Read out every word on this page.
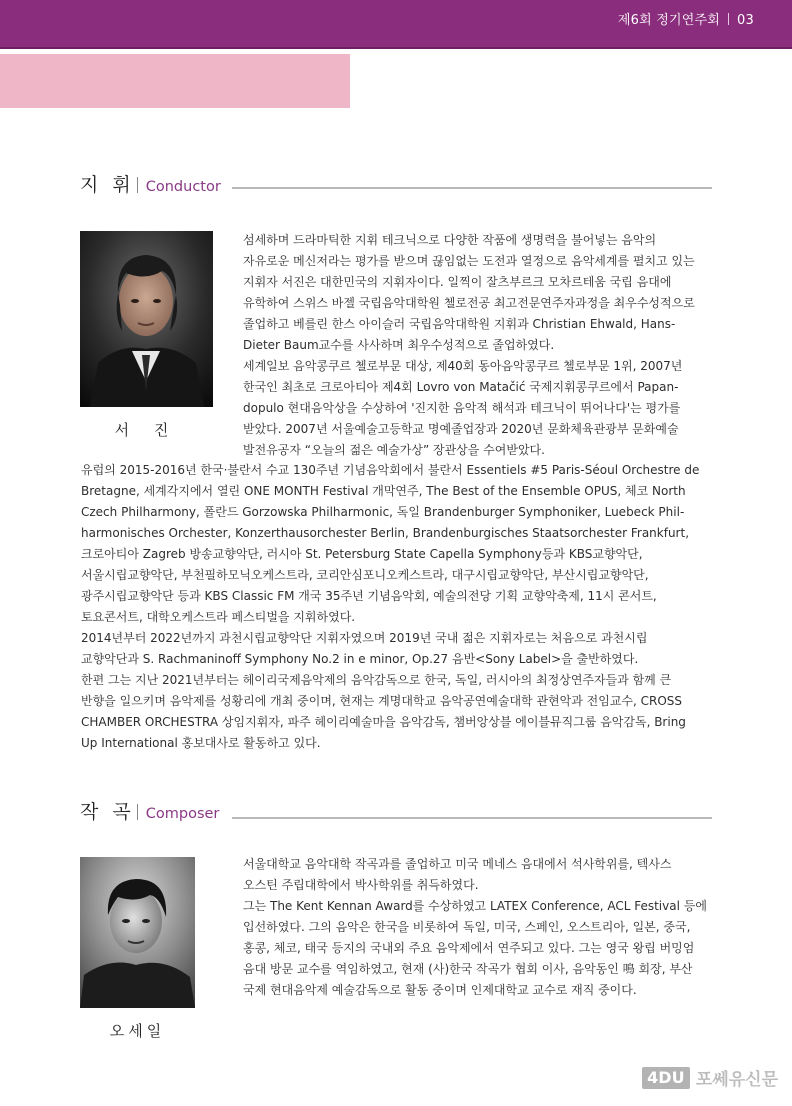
제6회 정기연주회 03
지 휘 Conductor
서 진

섬세하며 드라마틱한 지휘 테크닉으로 다양한 작품에 생명력을 불어넣는 음악의
자유로운 메신저라는 평가를 받으며 끊임없는 도전과 열정으로 음악세계를 펼치고 있는
지휘자 서진은 대한민국의 지휘자이다. 일찍이 잘츠부르크 모차르테움 국립 음대에
유학하여 스위스 바젤 국립음악대학원 첼로전공 최고전문연주자과정을 최우수성적으로
졸업하고 베를린 한스 아이슬러 국립음악대학원 지휘과 Christian Ehwald, Hans-
Dieter Baum교수를 사사하며 최우수성적으로 졸업하였다.

세계일보 음악콩쿠르 첼로부문 대상, 제40회 동아음악콩쿠르 첼로부문 1위, 2007년
한국인 최초로 크로아티아 제4회 Lovro von Matačić 국제지휘콩쿠르에서 Papan-
dopulo 현대음악상을 수상하여 '진지한 음악적 해석과 테크닉이 뛰어나다'는 평가를
받았다. 2007년 서울예술고등학교 명예졸업장과 2020년 문화체육관광부 문화예술
발전유공자 “오늘의 젊은 예술가상” 장관상을 수여받았다.

유럽의 2015-2016년 한국·불란서 수교 130주년 기념음악회에서 불란서 Essentiels #5 Paris-Séoul Orchestre de
Bretagne, 세계각지에서 열린 ONE MONTH Festival 개막연주, The Best of the Ensemble OPUS, 체코 North
Czech Philharmony, 폴란드 Gorzowska Philharmonic, 독일 Brandenburger Symphoniker, Luebeck Phil-
harmonisches Orchester, Konzerthausorchester Berlin, Brandenburgisches Staatsorchester Frankfurt,
크로아티아 Zagreb 방송교향악단, 러시아 St. Petersburg State Capella Symphony등과 KBS교향악단,
서울시립교향악단, 부천필하모닉오케스트라, 코리안심포니오케스트라, 대구시립교향악단, 부산시립교향악단,
광주시립교향악단 등과 KBS Classic FM 개국 35주년 기념음악회, 예술의전당 기획 교향악축제, 11시 콘서트,
토요콘서트, 대학오케스트라 페스티벌을 지휘하였다.

2014년부터 2022년까지 과천시립교향악단 지휘자였으며 2019년 국내 젊은 지휘자로는 처음으로 과천시립
교향악단과 S. Rachmaninoff Symphony No.2 in e minor, Op.27 음반<Sony Label>을 출반하였다.

한편 그는 지난 2021년부터는 헤이리국제음악제의 음악감독으로 한국, 독일, 러시아의 최정상연주자들과 함께 큰
반향을 일으키며 음악제를 성황리에 개최 중이며, 현재는 계명대학교 음악공연예술대학 관현악과 전임교수, CROSS
CHAMBER ORCHESTRA 상임지휘자, 파주 헤이리예술마을 음악감독, 챔버앙상블 에이블뮤직그룹 음악감독, Bring
Up International 홍보대사로 활동하고 있다.

작 곡 Composer
오세일

서울대학교 음악대학 작곡과를 졸업하고 미국 메네스 음대에서 석사학위를, 텍사스
오스틴 주립대학에서 박사학위를 취득하였다.

그는 The Kent Kennan Award를 수상하였고 LATEX Conference, ACL Festival 등에
입선하였다. 그의 음악은 한국을 비롯하여 독일, 미국, 스페인, 오스트리아, 일본, 중국,
홍콩, 체코, 태국 등지의 국내외 주요 음악제에서 연주되고 있다. 그는 영국 왕립 버밍엄
음대 방문 교수를 역임하였고, 현재 (사)한국 작곡가 협회 이사, 음악동인 鳴 회장, 부산
국제 현대음악제 예술감독으로 활동 중이며 인제대학교 교수로 재직 중이다.

4DU 포쎄유신문
